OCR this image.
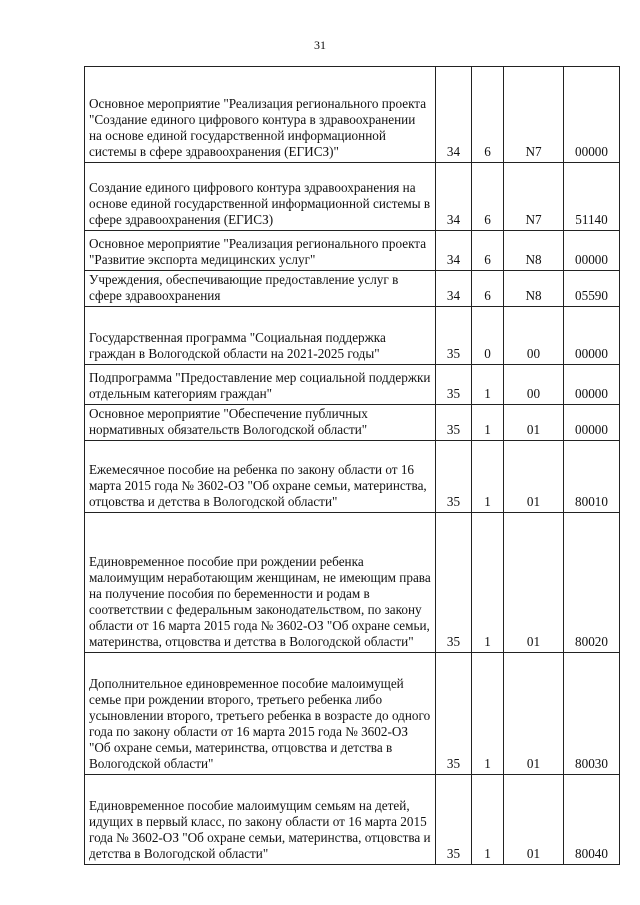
31
Основное мероприятие "Реализация регионального проекта "Создание единого цифрового контура в здравоохранении на основе единой государственной информационной системы в сфере здравоохранения (ЕГИСЗ)"	34	6	N7	00000
Создание единого цифрового контура здравоохранения на основе единой государственной информационной системы в сфере здравоохранения (ЕГИСЗ)	34	6	N7	51140
Основное мероприятие "Реализация регионального проекта "Развитие экспорта медицинских услуг"	34	6	N8	00000
Учреждения, обеспечивающие предоставление услуг в сфере здравоохранения	34	6	N8	05590
Государственная программа "Социальная поддержка граждан в Вологодской области на 2021-2025 годы"	35	0	00	00000
Подпрограмма "Предоставление мер социальной поддержки отдельным категориям граждан"	35	1	00	00000
Основное мероприятие "Обеспечение публичных нормативных обязательств Вологодской области"	35	1	01	00000
Ежемесячное пособие на ребенка по закону области от 16 марта 2015 года № 3602-ОЗ "Об охране семьи, материнства, отцовства и детства в Вологодской области"	35	1	01	80010
Единовременное пособие при рождении ребенка малоимущим неработающим женщинам, не имеющим права на получение пособия по беременности и родам в соответствии с федеральным законодательством, по закону области от 16 марта 2015 года № 3602-ОЗ "Об охране семьи, материнства, отцовства и детства в Вологодской области"	35	1	01	80020
Дополнительное единовременное пособие малоимущей семье при рождении второго, третьего ребенка либо усыновлении второго, третьего ребенка в возрасте до одного года по закону области от 16 марта 2015 года № 3602-ОЗ "Об охране семьи, материнства, отцовства и детства в Вологодской области"	35	1	01	80030
Единовременное пособие малоимущим семьям на детей, идущих в первый класс, по закону области от 16 марта 2015 года № 3602-ОЗ "Об охране семьи, материнства, отцовства и детства в Вологодской области"	35	1	01	80040
